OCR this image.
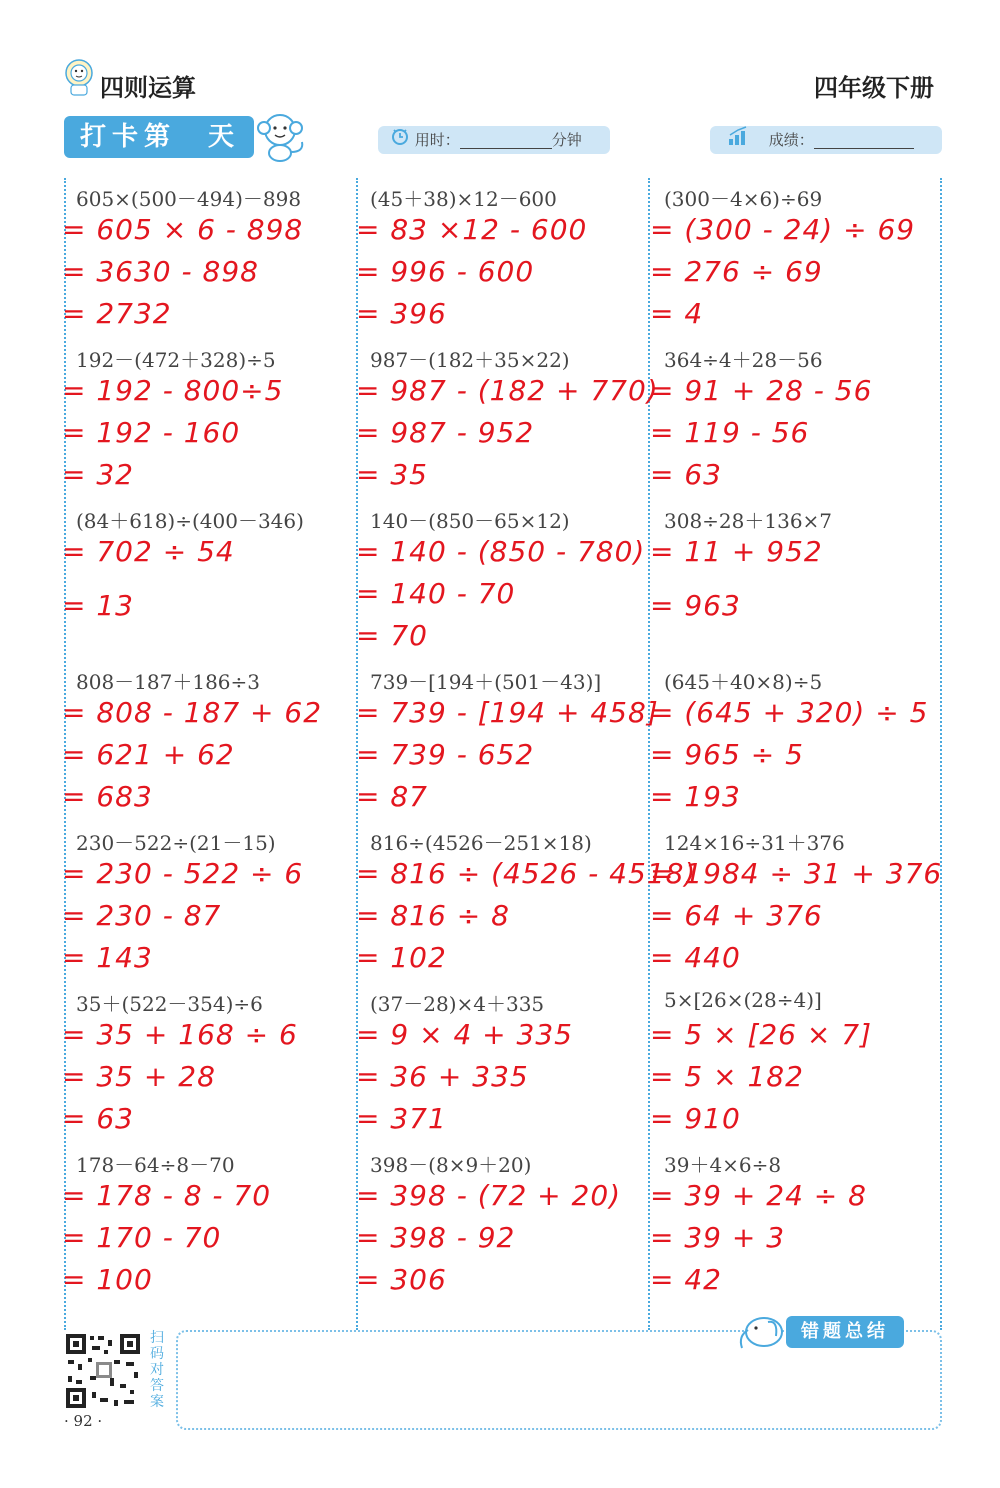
四则运算	四年级下册
打卡第　天	用时：	分钟	成绩：
605×(500－494)－898
= 605 × 6 - 898
= 3630 - 898
= 2732
(45＋38)×12－600
= 83 ×12 - 600
= 996 - 600
= 396
(300－4×6)÷69
= (300 - 24) ÷ 69
= 276 ÷ 69
= 4
192－(472＋328)÷5
= 192 - 800÷5
= 192 - 160
= 32
987－(182＋35×22)
= 987 - (182 + 770)
= 987 - 952
= 35
364÷4＋28－56
= 91 + 28 - 56
= 119 - 56
= 63
(84＋618)÷(400－346)
= 702 ÷ 54
= 13
140－(850－65×12)
= 140 - (850 - 780)
= 140 - 70
= 70
308÷28＋136×7
= 11 + 952
= 963
808－187＋186÷3
= 808 - 187 + 62
= 621 + 62
= 683
739－[194＋(501－43)]
= 739 - [194 + 458]
= 739 - 652
= 87
(645＋40×8)÷5
= (645 + 320) ÷ 5
= 965 ÷ 5
= 193
230－522÷(21－15)
= 230 - 522 ÷ 6
= 230 - 87
= 143
816÷(4526－251×18)
= 816 ÷ (4526 - 4518)
= 816 ÷ 8
= 102
124×16÷31＋376
= 1984 ÷ 31 + 376
= 64 + 376
= 440
35＋(522－354)÷6
= 35 + 168 ÷ 6
= 35 + 28
= 63
(37－28)×4＋335
= 9 × 4 + 335
= 36 + 335
= 371
5×[26×(28÷4)]
= 5 × [26 × 7]
= 5 × 182
= 910
178－64÷8－70
= 178 - 8 - 70
= 170 - 70
= 100
398－(8×9＋20)
= 398 - (72 + 20)
= 398 - 92
= 306
39＋4×6÷8
= 39 + 24 ÷ 8
= 39 + 3
= 42
错题总结
扫码对答案
· 92 ·
